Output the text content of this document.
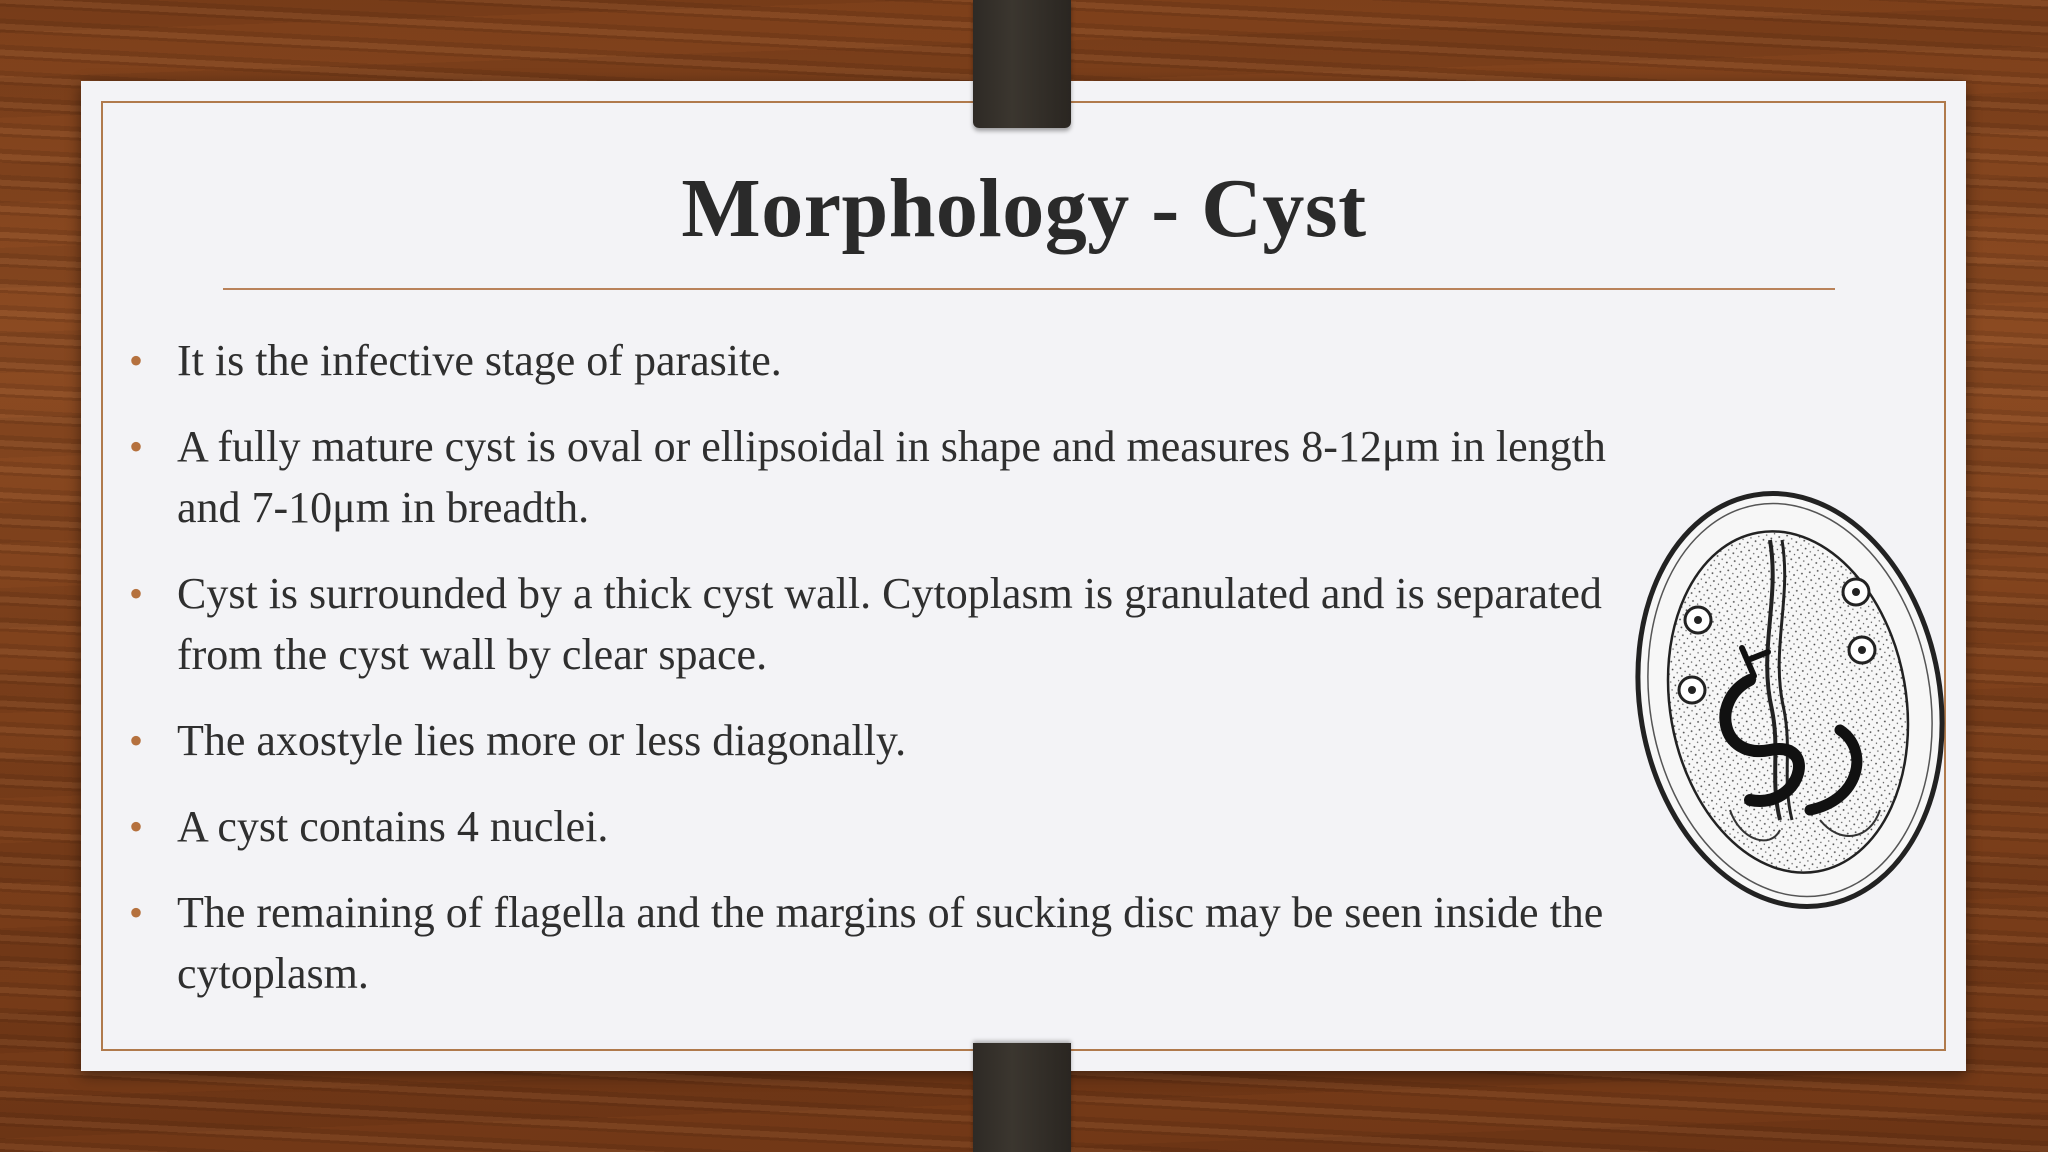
Morphology - Cyst
• It is the infective stage of parasite.
• A fully mature cyst is oval or ellipsoidal in shape and measures 8-12μm in length and 7-10μm in breadth.
• Cyst is surrounded by a thick cyst wall. Cytoplasm is granulated and is separated from the cyst wall by clear space.
• The axostyle lies more or less diagonally.
• A cyst contains 4 nuclei.
• The remaining of flagella and the margins of sucking disc may be seen inside the cytoplasm.
